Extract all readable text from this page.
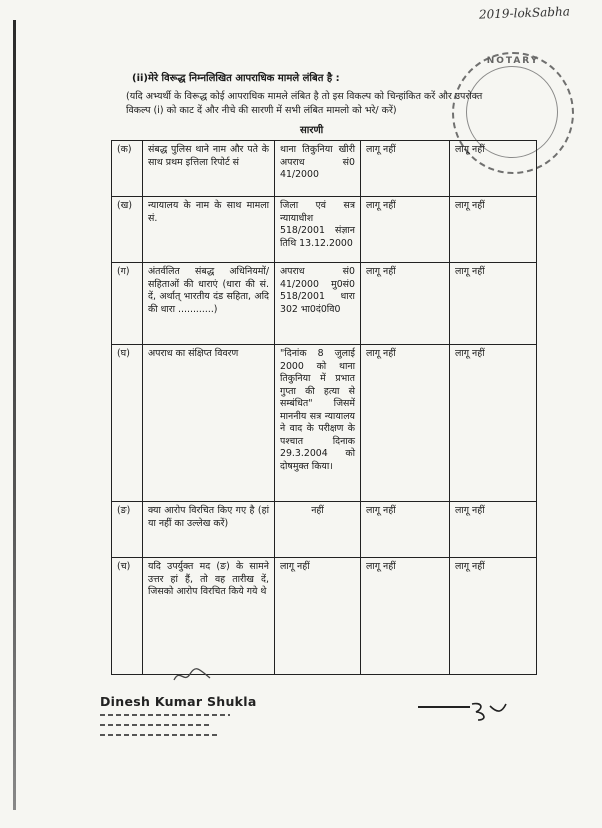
2019-lokSabha
NOTARY
(ii)मेरे विरूद्ध निम्नलिखित आपराधिक मामले लंबित है :
(यदि अभ्यर्थी के विरूद्ध कोई आपराधिक मामले लंबित है तो इस विकल्प को चिन्हांकित करें और उपरोक्त विकल्प (i) को काट दें और नीचे की सारणी में सभी लंबित मामलो को भरे/ करें)
सारणी
(क)	संबद्ध पुलिस थाने नाम और पते के साथ प्रथम इत्तिला रिपोर्ट सं	थाना तिकुनिया खीरी अपराध सं0 41/2000	लागू नहीं	लागू नहीं
(ख)	न्यायालय के नाम के साथ मामला सं.	जिला एवं सत्र न्यायाधीश 518/2001 संज्ञान तिथि 13.12.2000	लागू नहीं	लागू नहीं
(ग)	अंतर्वलित संबद्ध अधिनियमों/सहिताओं की धाराएं (धारा की सं. दें, अर्थात् भारतीय दंड सहिता, अदि की धारा ............)	अपराध सं0 41/2000 मु0सं0 518/2001 धारा 302 भा0दं0वि0	लागू नहीं	लागू नहीं
(घ)	अपराध का संक्षिप्त विवरण	"दिनांक 8 जुलाई 2000 को थाना तिकुनिया में प्रभात गुप्ता की हत्या से सम्बंधित" जिसमें माननीय सत्र न्यायालय ने वाद के परीक्षण के पश्चात दिनाक 29.3.2004 को दोषमुक्त किया।	लागू नहीं	लागू नहीं
(ङ)	क्या आरोप विरचित किए गए है (हां या नहीं का उल्लेख करें)	नहीं	लागू नहीं	लागू नहीं
(च)	यदि उपर्युक्त मद (ङ) के सामने उत्तर हां हैं, तो वह तारीख दें, जिसको आरोप विरचित किये गये थे	लागू नहीं	लागू नहीं	लागू नहीं
Dinesh Kumar Shukla
